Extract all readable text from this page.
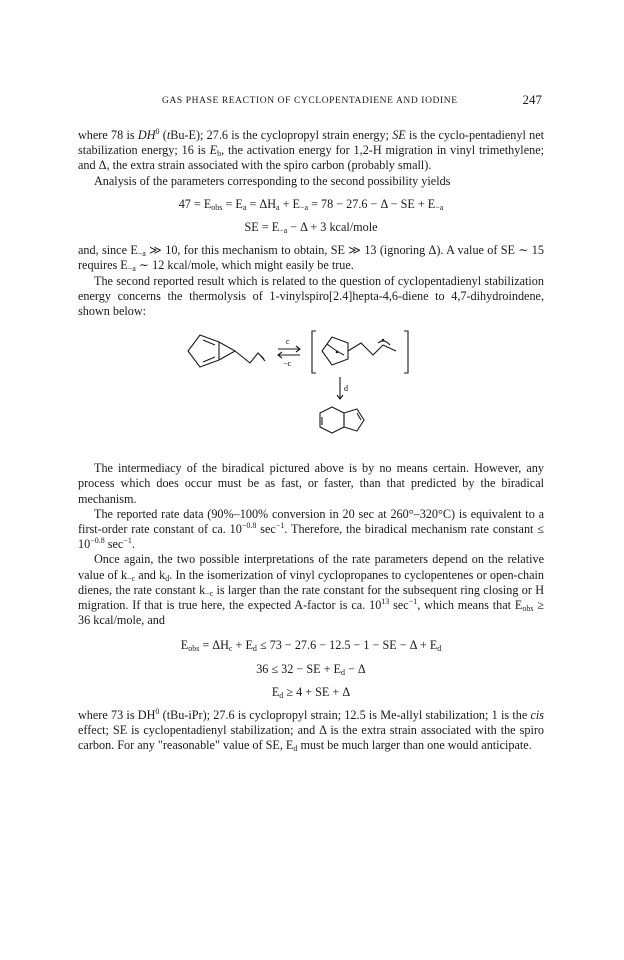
GAS PHASE REACTION OF CYCLOPENTADIENE AND IODINE	247

where 78 is $DH^0$ (tBu-E); 27.6 is the cyclopropyl strain energy; SE is the cyclo-pentadienyl net stabilization energy; 16 is $E_b$, the activation energy for 1,2-H migration in vinyl trimethylene; and Δ, the extra strain associated with the spiro carbon (probably small).

Analysis of the parameters corresponding to the second possibility yields

$47 = E_{obs} = E_a = \Delta H_a + E_{-a} = 78 - 27.6 - \Delta$ − SE + $E_{-a}$
SE = $E_{-a} - \Delta + 3$ kcal/mole

and, since $E_{-a}$ ≫ 10, for this mechanism to obtain, SE ≫ 13 (ignoring Δ). A value of SE ∼ 15 requires $E_{-a}$ ∼ 12 kcal/mole, which might easily be true.

The second reported result which is related to the question of cyclopentadienyl stabilization energy concerns the thermolysis of 1-vinylspiro[2.4]hepta-4,6-diene to 4,7-dihydroindene, shown below:

c
−c
d

The intermediacy of the biradical pictured above is by no means certain. However, any process which does occur must be as fast, or faster, than that predicted by the biradical mechanism.

The reported rate data (90%–100% conversion in 20 sec at 260°–320°C) is equivalent to a first-order rate constant of ca. $10^{-0.8}$ $\sec^{-1}$. Therefore, the biradical mechanism rate constant ≤ $10^{-0.8}$ $\sec^{-1}$.

Once again, the two possible interpretations of the rate parameters depend on the relative value of $k_{-c}$ and $k_d$. In the isomerization of vinyl cyclopropanes to cyclopentenes or open-chain dienes, the rate constant $k_{-c}$ is larger than the rate constant for the subsequent ring closing or H migration. If that is true here, the expected A-factor is ca. $10^{13}$ $\sec^{-1}$, which means that $E_{obs} \ge 36$ kcal/mole, and

$E_{obs} = \Delta H_c + E_d \le 73 - 27.6 - 12.5 - 1$ − SE − $\Delta + E_d$
36 ≤ 32 − SE + $E_d - \Delta$
$E_d \ge 4$ + SE + Δ

where 73 is $DH^0$ (tBu-iPr); 27.6 is cyclopropyl strain; 12.5 is Me-allyl stabilization; 1 is the cis effect; SE is cyclopentadienyl stabilization; and Δ is the extra strain associated with the spiro carbon. For any "reasonable" value of SE, $E_d$ must be much larger than one would anticipate.
